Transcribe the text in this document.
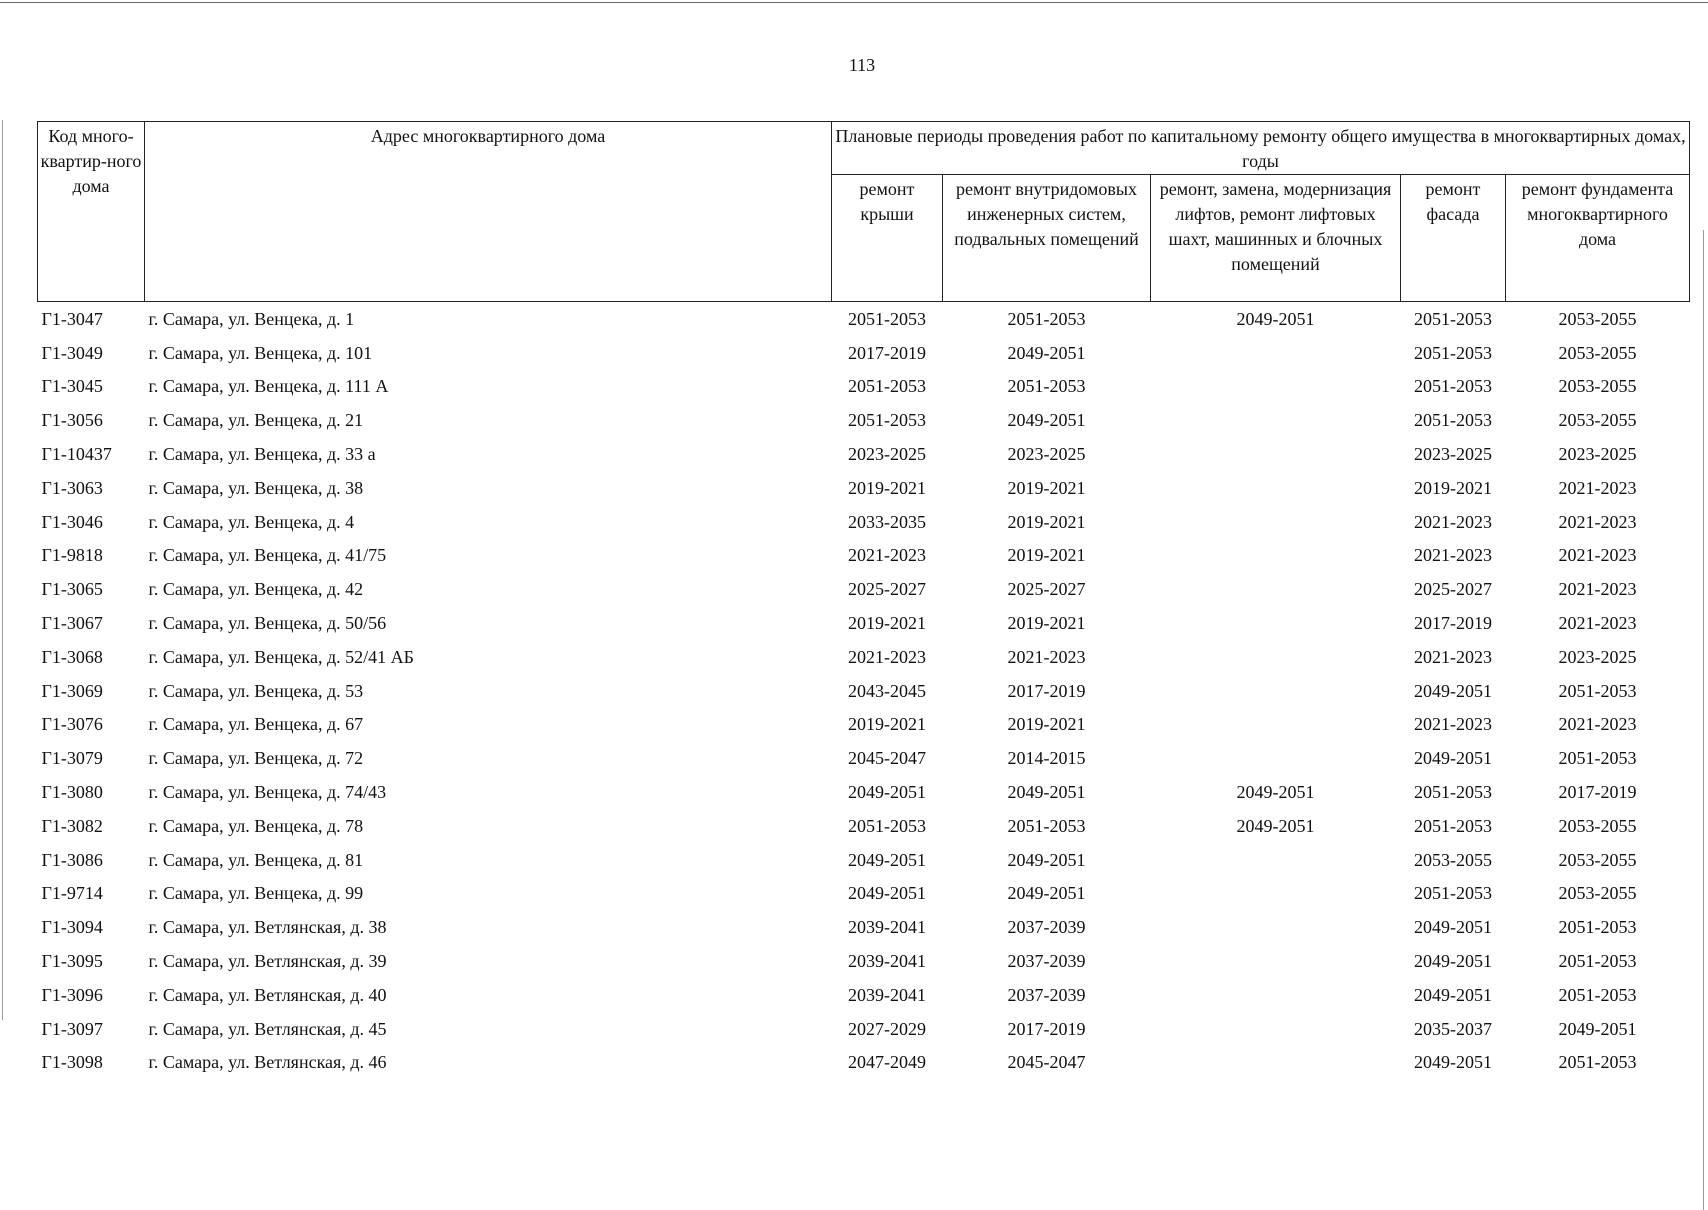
113
Код много-квартир-ного дома	Адрес многоквартирного дома	Плановые периоды проведения работ по капитальному ремонту общего имущества в многоквартирных домах, годы				
		ремонт крыши	ремонт внутридомовых инженерных систем, подвальных помещений	ремонт, замена, модернизация лифтов, ремонт лифтовых шахт, машинных и блочных помещений	ремонт фасада	ремонт фундамента многоквартирного дома
Г1-3047	г. Самара, ул. Венцека, д. 1	2051-2053	2051-2053	2049-2051	2051-2053	2053-2055
Г1-3049	г. Самара, ул. Венцека, д. 101	2017-2019	2049-2051		2051-2053	2053-2055
Г1-3045	г. Самара, ул. Венцека, д. 111 А	2051-2053	2051-2053		2051-2053	2053-2055
Г1-3056	г. Самара, ул. Венцека, д. 21	2051-2053	2049-2051		2051-2053	2053-2055
Г1-10437	г. Самара, ул. Венцека, д. 33 а	2023-2025	2023-2025		2023-2025	2023-2025
Г1-3063	г. Самара, ул. Венцека, д. 38	2019-2021	2019-2021		2019-2021	2021-2023
Г1-3046	г. Самара, ул. Венцека, д. 4	2033-2035	2019-2021		2021-2023	2021-2023
Г1-9818	г. Самара, ул. Венцека, д. 41/75	2021-2023	2019-2021		2021-2023	2021-2023
Г1-3065	г. Самара, ул. Венцека, д. 42	2025-2027	2025-2027		2025-2027	2021-2023
Г1-3067	г. Самара, ул. Венцека, д. 50/56	2019-2021	2019-2021		2017-2019	2021-2023
Г1-3068	г. Самара, ул. Венцека, д. 52/41 АБ	2021-2023	2021-2023		2021-2023	2023-2025
Г1-3069	г. Самара, ул. Венцека, д. 53	2043-2045	2017-2019		2049-2051	2051-2053
Г1-3076	г. Самара, ул. Венцека, д. 67	2019-2021	2019-2021		2021-2023	2021-2023
Г1-3079	г. Самара, ул. Венцека, д. 72	2045-2047	2014-2015		2049-2051	2051-2053
Г1-3080	г. Самара, ул. Венцека, д. 74/43	2049-2051	2049-2051	2049-2051	2051-2053	2017-2019
Г1-3082	г. Самара, ул. Венцека, д. 78	2051-2053	2051-2053	2049-2051	2051-2053	2053-2055
Г1-3086	г. Самара, ул. Венцека, д. 81	2049-2051	2049-2051		2053-2055	2053-2055
Г1-9714	г. Самара, ул. Венцека, д. 99	2049-2051	2049-2051		2051-2053	2053-2055
Г1-3094	г. Самара, ул. Ветлянская, д. 38	2039-2041	2037-2039		2049-2051	2051-2053
Г1-3095	г. Самара, ул. Ветлянская, д. 39	2039-2041	2037-2039		2049-2051	2051-2053
Г1-3096	г. Самара, ул. Ветлянская, д. 40	2039-2041	2037-2039		2049-2051	2051-2053
Г1-3097	г. Самара, ул. Ветлянская, д. 45	2027-2029	2017-2019		2035-2037	2049-2051
Г1-3098	г. Самара, ул. Ветлянская, д. 46	2047-2049	2045-2047		2049-2051	2051-2053
